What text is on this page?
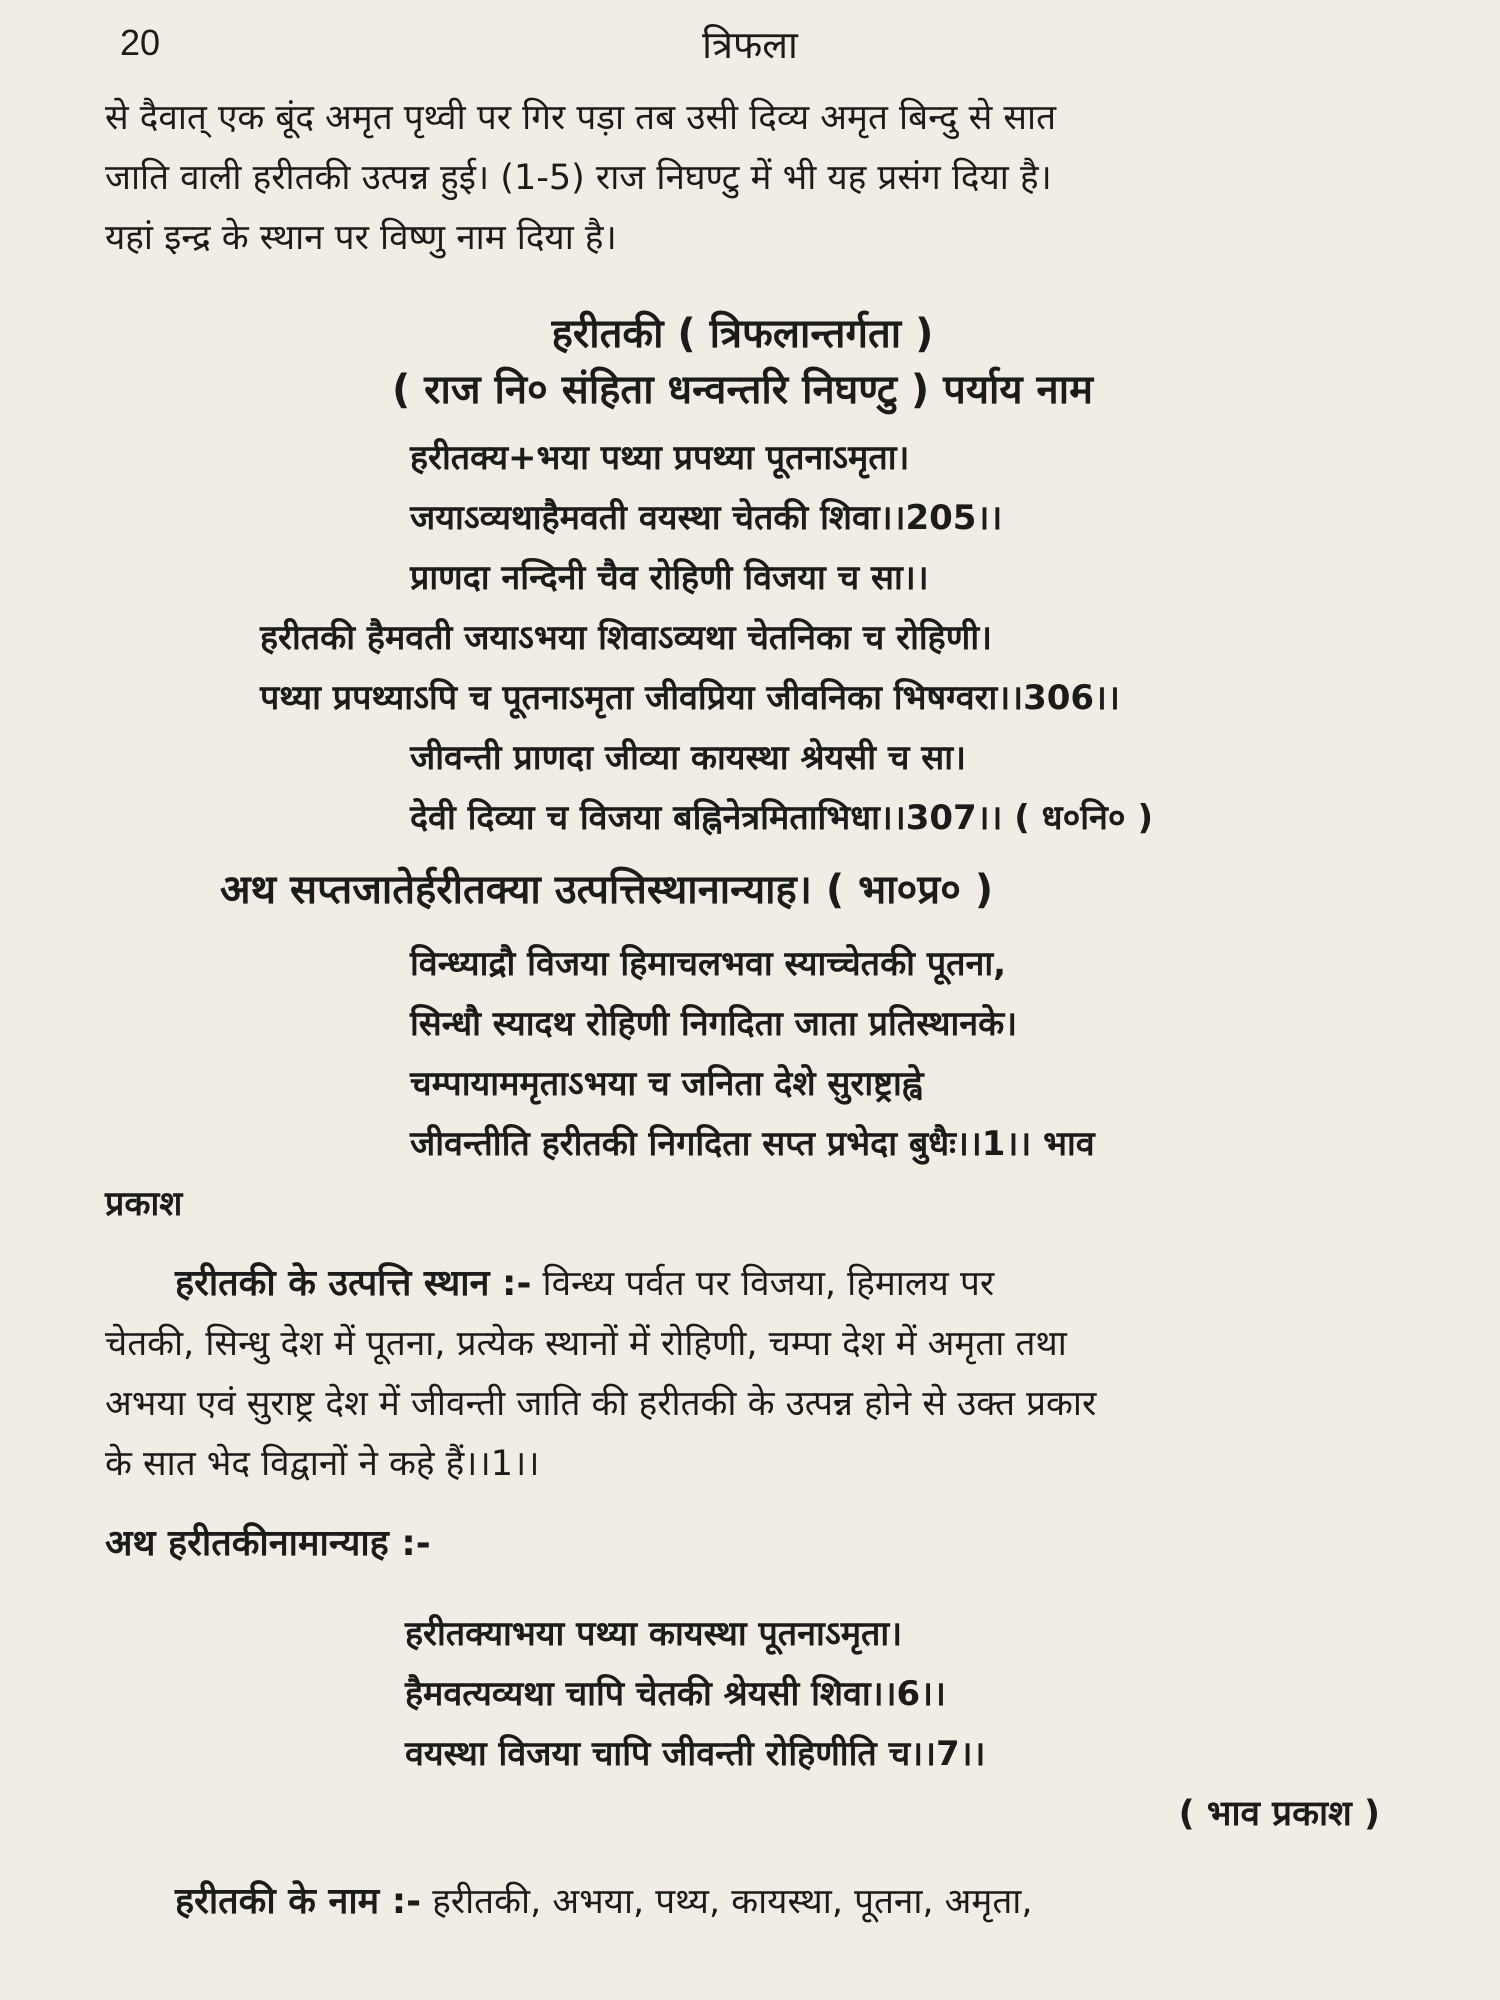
20	त्रिफला

से दैवात् एक बूंद अमृत पृथ्वी पर गिर पड़ा तब उसी दिव्य अमृत बिन्दु से सात
जाति वाली हरीतकी उत्पन्न हुई। (1-5) राज निघण्टु में भी यह प्रसंग दिया है।
यहां इन्द्र के स्थान पर विष्णु नाम दिया है।

हरीतकी ( त्रिफलान्तर्गता )

( राज नि० संहिता धन्वन्तरि निघण्टु ) पर्याय नाम

हरीतक्य+भया पथ्या प्रपथ्या पूतनाऽमृता।

जयाऽव्यथाहैमवती वयस्था चेतकी शिवा।।205।।

प्राणदा नन्दिनी चैव रोहिणी विजया च सा।।

हरीतकी हैमवती जयाऽभया शिवाऽव्यथा चेतनिका च रोहिणी।

पथ्या प्रपथ्याऽपि च पूतनाऽमृता जीवप्रिया जीवनिका भिषग्वरा।।306।।

जीवन्ती प्राणदा जीव्या कायस्था श्रेयसी च सा।

देवी दिव्या च विजया बह्निनेत्रमिताभिधा।।307।। ( ध०नि० )

अथ सप्तजातेर्हरीतक्या उत्पत्तिस्थानान्याह। ( भा०प्र० )

विन्ध्याद्रौ विजया हिमाचलभवा स्याच्चेतकी पूतना,

सिन्धौ स्यादथ रोहिणी निगदिता जाता प्रतिस्थानके।

चम्पायाममृताऽभया च जनिता देशे सुराष्ट्राह्वे

जीवन्तीति हरीतकी निगदिता सप्त प्रभेदा बुधैः।।1।। भाव

प्रकाश

हरीतकी के उत्पत्ति स्थान :- विन्ध्य पर्वत पर विजया, हिमालय पर
चेतकी, सिन्धु देश में पूतना, प्रत्येक स्थानों में रोहिणी, चम्पा देश में अमृता तथा
अभया एवं सुराष्ट्र देश में जीवन्ती जाति की हरीतकी के उत्पन्न होने से उक्त प्रकार
के सात भेद विद्वानों ने कहे हैं।।1।।

अथ हरीतकीनामान्याह :-

हरीतक्याभया पथ्या कायस्था पूतनाऽमृता।

हैमवत्यव्यथा चापि चेतकी श्रेयसी शिवा।।6।।

वयस्था विजया चापि जीवन्ती रोहिणीति च।।7।।

( भाव प्रकाश )

हरीतकी के नाम :- हरीतकी, अभया, पथ्य, कायस्था, पूतना, अमृता,
